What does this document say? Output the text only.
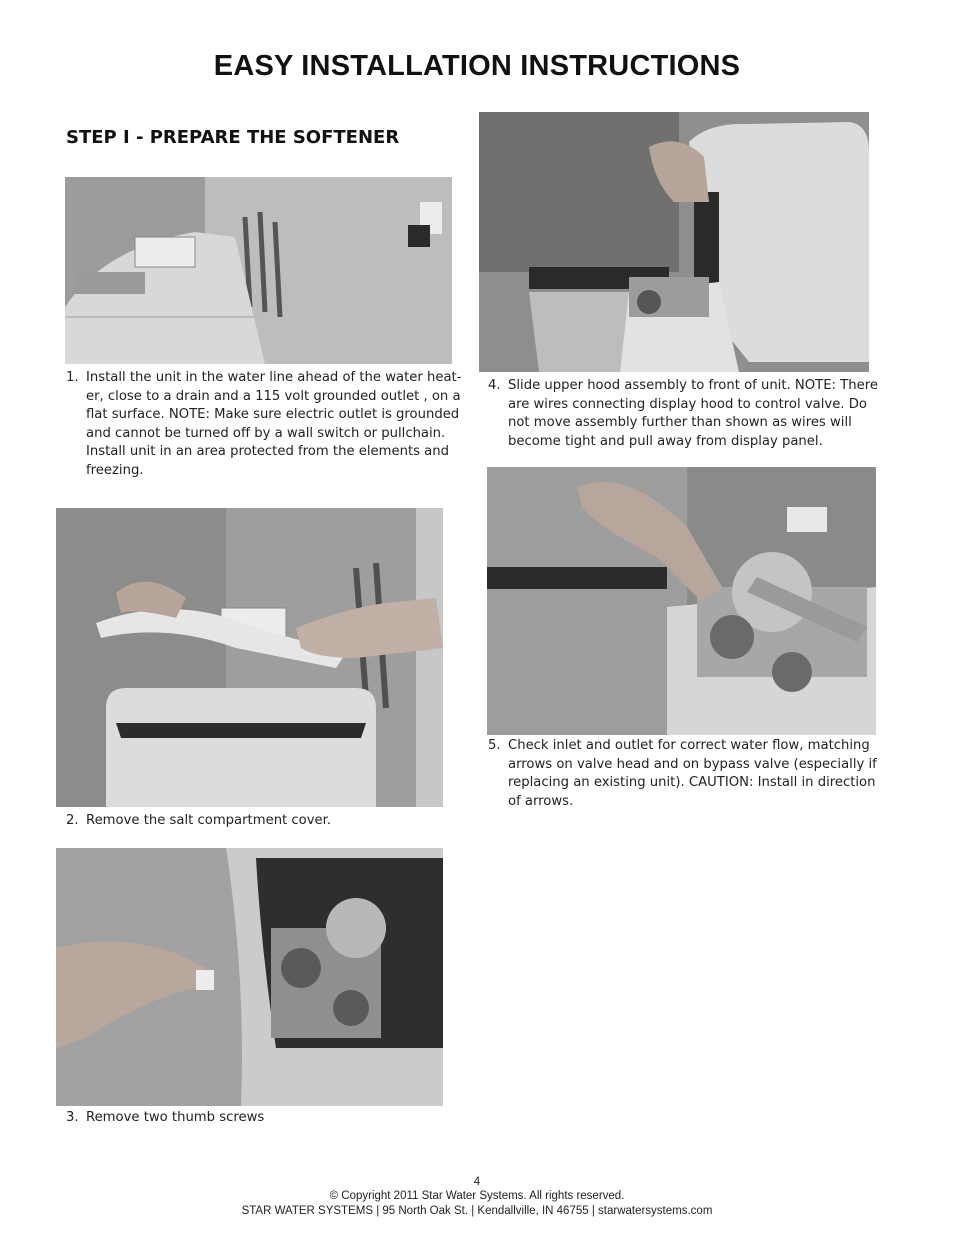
EASY INSTALLATION INSTRUCTIONS
STEP I - PREPARE THE SOFTENER
1. Install the unit in the water line ahead of the water heat-er, close to a drain and a 115 volt grounded outlet , on a flat surface. NOTE: Make sure electric outlet is grounded and cannot be turned off by a wall switch or pullchain. Install unit in an area protected from the elements and freezing.
2. Remove the salt compartment cover.
3. Remove two thumb screws
4. Slide upper hood assembly to front of unit. NOTE: There are wires connecting display hood to control valve. Do not move assembly further than shown as wires will become tight and pull away from display panel.
5. Check inlet and outlet for correct water flow, matching arrows on valve head and on bypass valve (especially if replacing an existing unit). CAUTION: Install in direction of arrows.
4
© Copyright 2011 Star Water Systems. All rights reserved.
STAR WATER SYSTEMS | 95 North Oak St. | Kendallville, IN 46755 | starwatersystems.com
